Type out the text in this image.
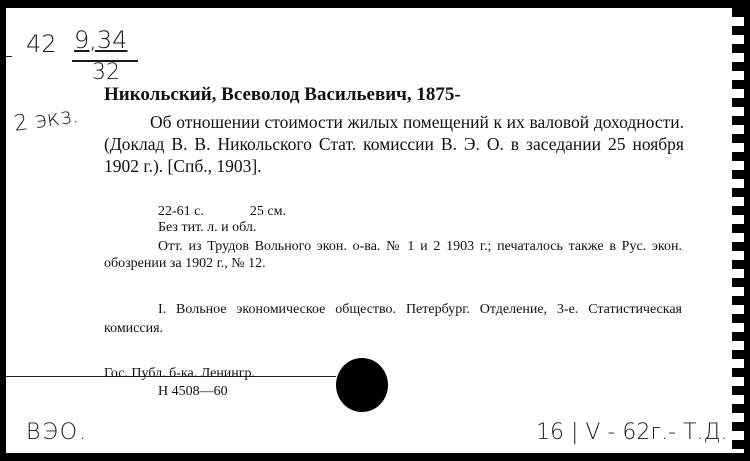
42 9,34
32
2 экз.
Никольский, Всеволод Васильевич, 1875-
Об отношении стоимости жилых помещений к их валовой доходности. (Доклад В. В. Никольского Стат. комиссии В. Э. О. в заседании 25 ноября 1902 г.). [Спб., 1903].
22-61 с.	25 см.
Без тит. л. и обл.
Отт. из Трудов Вольного экон. о-ва. № 1 и 2 1903 г.; печаталось также в Рус. экон. обозрении за 1902 г., № 12.
I. Вольное экономическое общество. Петербург. Отделение, 3-е. Статистическая комиссия.
Гос. Публ. б-ка. Ленингр.
Н 4508—60
ВЭО.	16 | V - 62г.- Т.Д.
